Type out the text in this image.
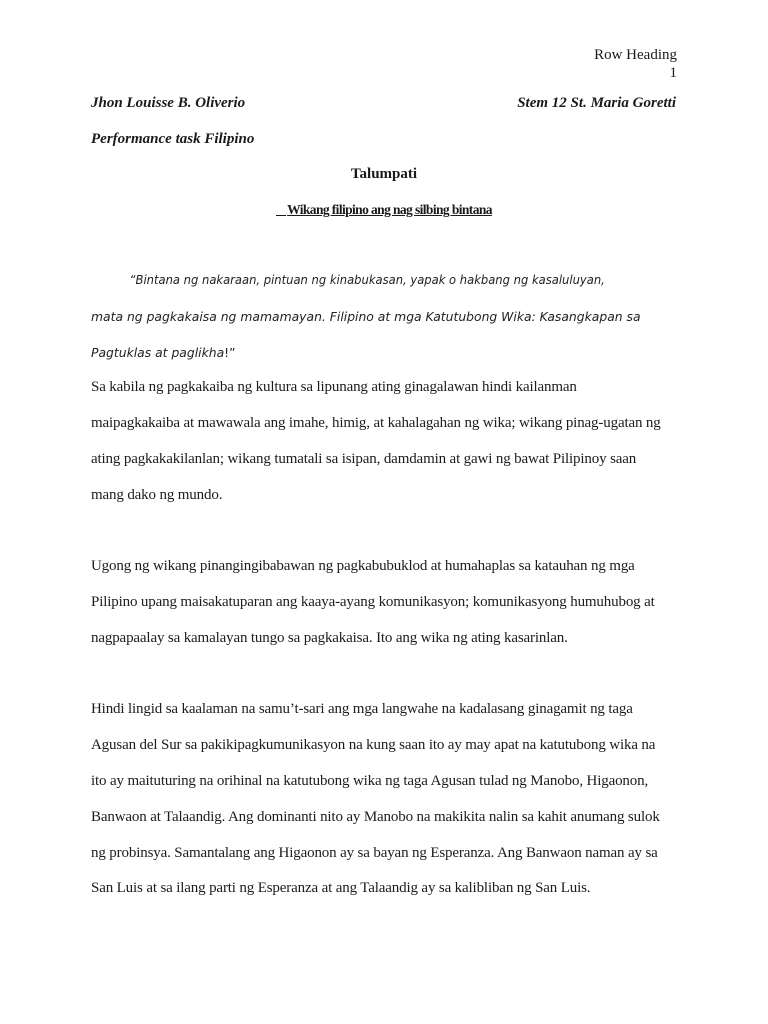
Row Heading
1
Jhon Louisse B. Oliverio	Stem 12 St. Maria Goretti
Performance task Filipino
Talumpati
Wikang filipino ang nag silbing bintana
“Bintana ng nakaraan, pintuan ng kinabukasan, yapak o hakbang ng kasaluluyan,
mata ng pagkakaisa ng mamamayan. Filipino at mga Katutubong Wika: Kasangkapan sa
Pagtuklas at paglikha!”
Sa kabila ng pagkakaiba ng kultura sa lipunang ating ginagalawan hindi kailanman
maipagkakaiba at mawawala ang imahe, himig, at kahalagahan ng wika; wikang pinag-ugatan ng
ating pagkakakilanlan; wikang tumatali sa isipan, damdamin at gawi ng bawat Pilipinoy saan
mang dako ng mundo.
Ugong ng wikang pinangingibabawan ng pagkabubuklod at humahaplas sa katauhan ng mga
Pilipino upang maisakatuparan ang kaaya-ayang komunikasyon; komunikasyong humuhubog at
nagpapaalay sa kamalayan tungo sa pagkakaisa. Ito ang wika ng ating kasarinlan.
Hindi lingid sa kaalaman na samu’t-sari ang mga langwahe na kadalasang ginagamit ng taga
Agusan del Sur sa pakikipagkumunikasyon na kung saan ito ay may apat na katutubong wika na
ito ay maituturing na orihinal na katutubong wika ng taga Agusan tulad ng Manobo, Higaonon,
Banwaon at Talaandig. Ang dominanti nito ay Manobo na makikita nalin sa kahit anumang sulok
ng probinsya. Samantalang ang Higaonon ay sa bayan ng Esperanza. Ang Banwaon naman ay sa
San Luis at sa ilang parti ng Esperanza at ang Talaandig ay sa kalibliban ng San Luis.
